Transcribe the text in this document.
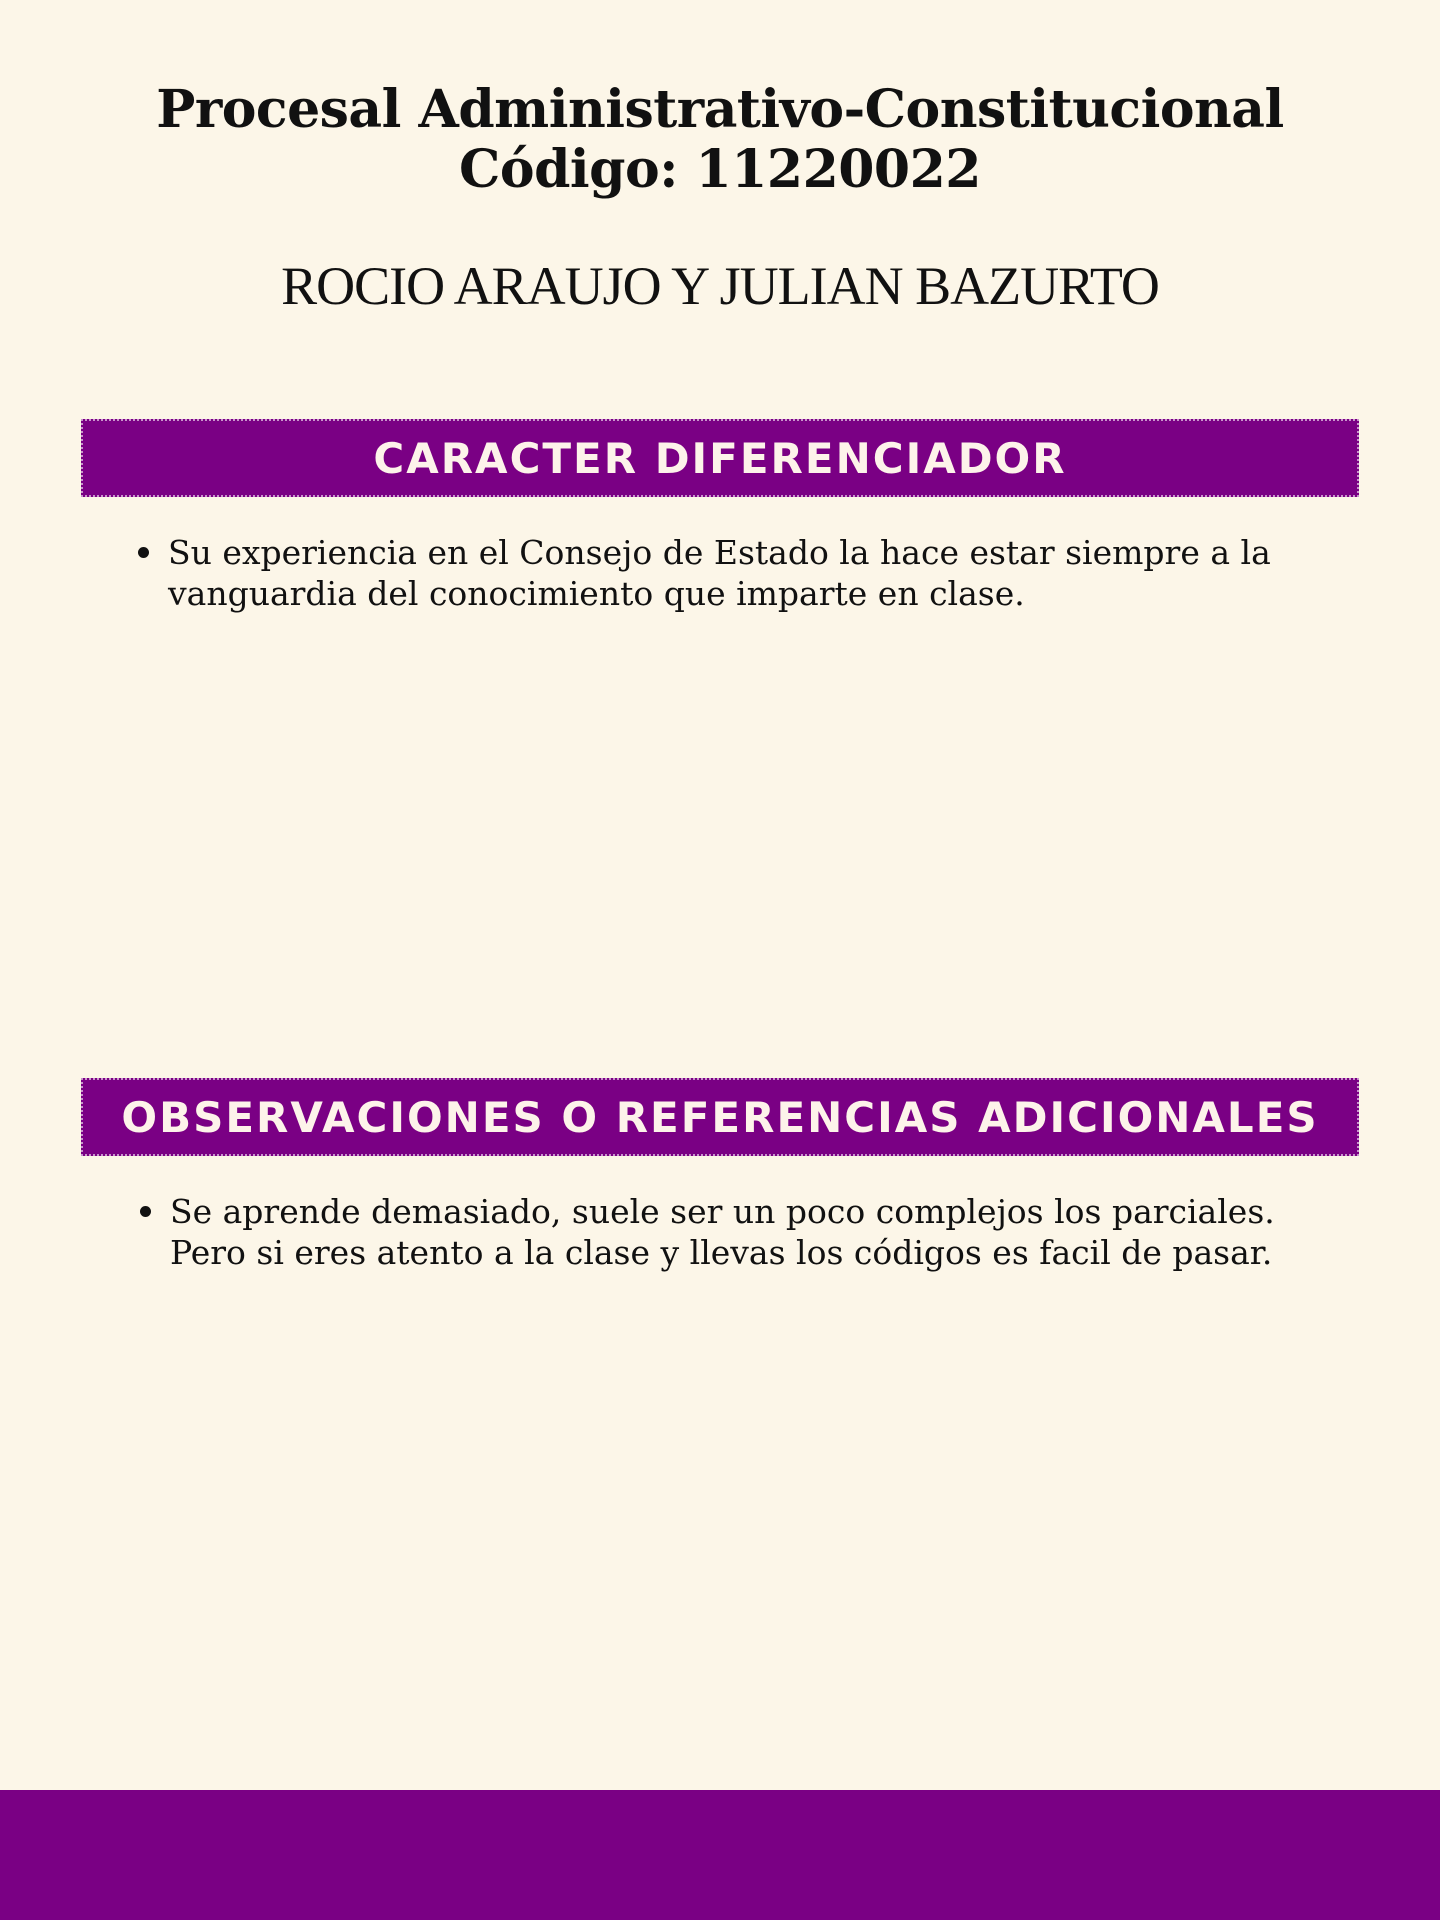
Procesal Administrativo-Constitucional

Código: 11220022

ROCIO ARAUJO Y JULIAN BAZURTO
CARACTER DIFERENCIADOR
Su experiencia en el Consejo de Estado la hace estar siempre a la vanguardia del conocimiento que imparte en clase.
OBSERVACIONES O REFERENCIAS ADICIONALES
Se aprende demasiado, suele ser un poco complejos los parciales. Pero si eres atento a la clase y llevas los códigos es facil de pasar.
